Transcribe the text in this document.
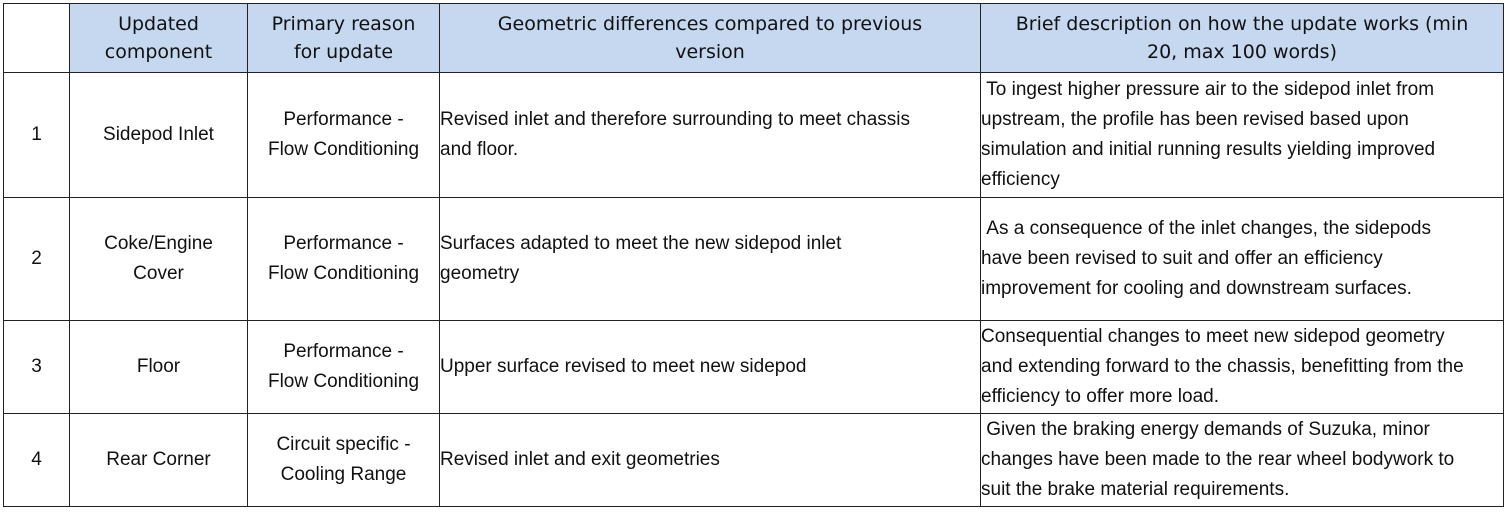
	Updated component	Primary reason for update	Geometric differences compared to previous version	Brief description on how the update works (min 20, max 100 words)

1	Sidepod Inlet	Performance - Flow Conditioning	Revised inlet and therefore surrounding to meet chassis and floor.	To ingest higher pressure air to the sidepod inlet from upstream, the profile has been revised based upon simulation and initial running results yielding improved efficiency

2	Coke/Engine Cover	Performance - Flow Conditioning	Surfaces adapted to meet the new sidepod inlet geometry	As a consequence of the inlet changes, the sidepods have been revised to suit and offer an efficiency improvement for cooling and downstream surfaces.

3	Floor	Performance - Flow Conditioning	Upper surface revised to meet new sidepod	Consequential changes to meet new sidepod geometry and extending forward to the chassis, benefitting from the efficiency to offer more load.

4	Rear Corner	Circuit specific - Cooling Range	Revised inlet and exit geometries	Given the braking energy demands of Suzuka, minor changes have been made to the rear wheel bodywork to suit the brake material requirements.
